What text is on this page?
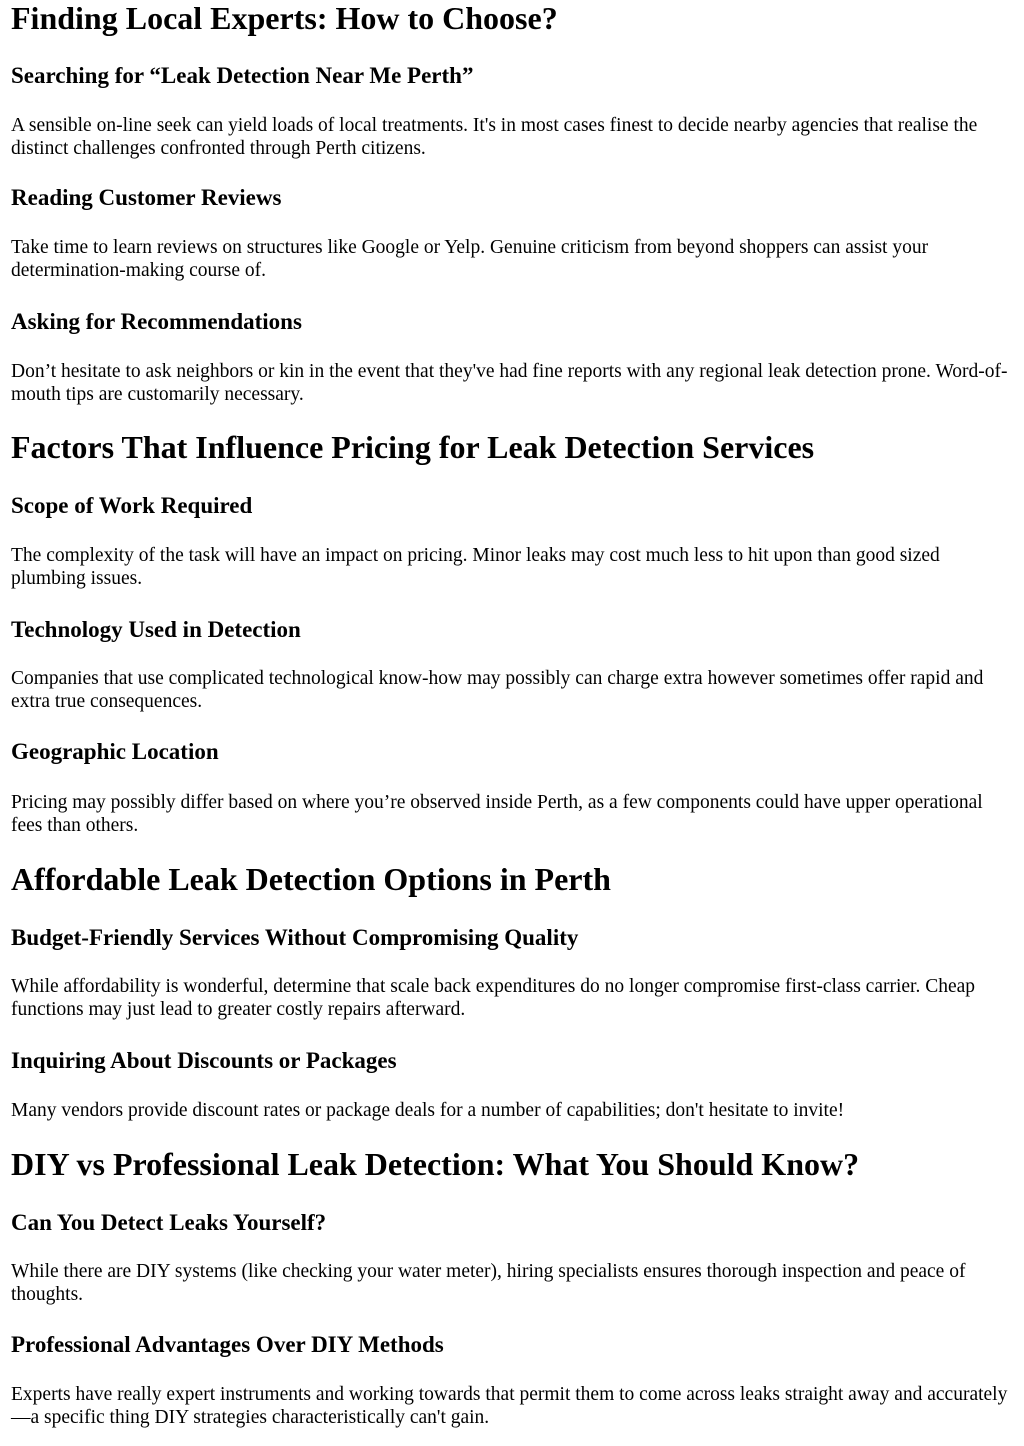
Finding Local Experts: How to Choose?
Searching for “Leak Detection Near Me Perth”

A sensible on-line seek can yield loads of local treatments. It's in most cases finest to decide nearby agencies that realise the distinct challenges confronted through Perth citizens.

Reading Customer Reviews

Take time to learn reviews on structures like Google or Yelp. Genuine criticism from beyond shoppers can assist your determination-making course of.

Asking for Recommendations

Don’t hesitate to ask neighbors or kin in the event that they've had fine reports with any regional leak detection prone. Word-of-mouth tips are customarily necessary.

Factors That Influence Pricing for Leak Detection Services
Scope of Work Required

The complexity of the task will have an impact on pricing. Minor leaks may cost much less to hit upon than good sized plumbing issues.

Technology Used in Detection

Companies that use complicated technological know-how may possibly can charge extra however sometimes offer rapid and extra true consequences.

Geographic Location

Pricing may possibly differ based on where you’re observed inside Perth, as a few components could have upper operational fees than others.

Affordable Leak Detection Options in Perth
Budget-Friendly Services Without Compromising Quality

While affordability is wonderful, determine that scale back expenditures do no longer compromise first-class carrier. Cheap functions may just lead to greater costly repairs afterward.

Inquiring About Discounts or Packages

Many vendors provide discount rates or package deals for a number of capabilities; don't hesitate to invite!

DIY vs Professional Leak Detection: What You Should Know?
Can You Detect Leaks Yourself?

While there are DIY systems (like checking your water meter), hiring specialists ensures thorough inspection and peace of thoughts.

Professional Advantages Over DIY Methods

Experts have really expert instruments and working towards that permit them to come across leaks straight away and accurately—a specific thing DIY strategies characteristically can't gain.
